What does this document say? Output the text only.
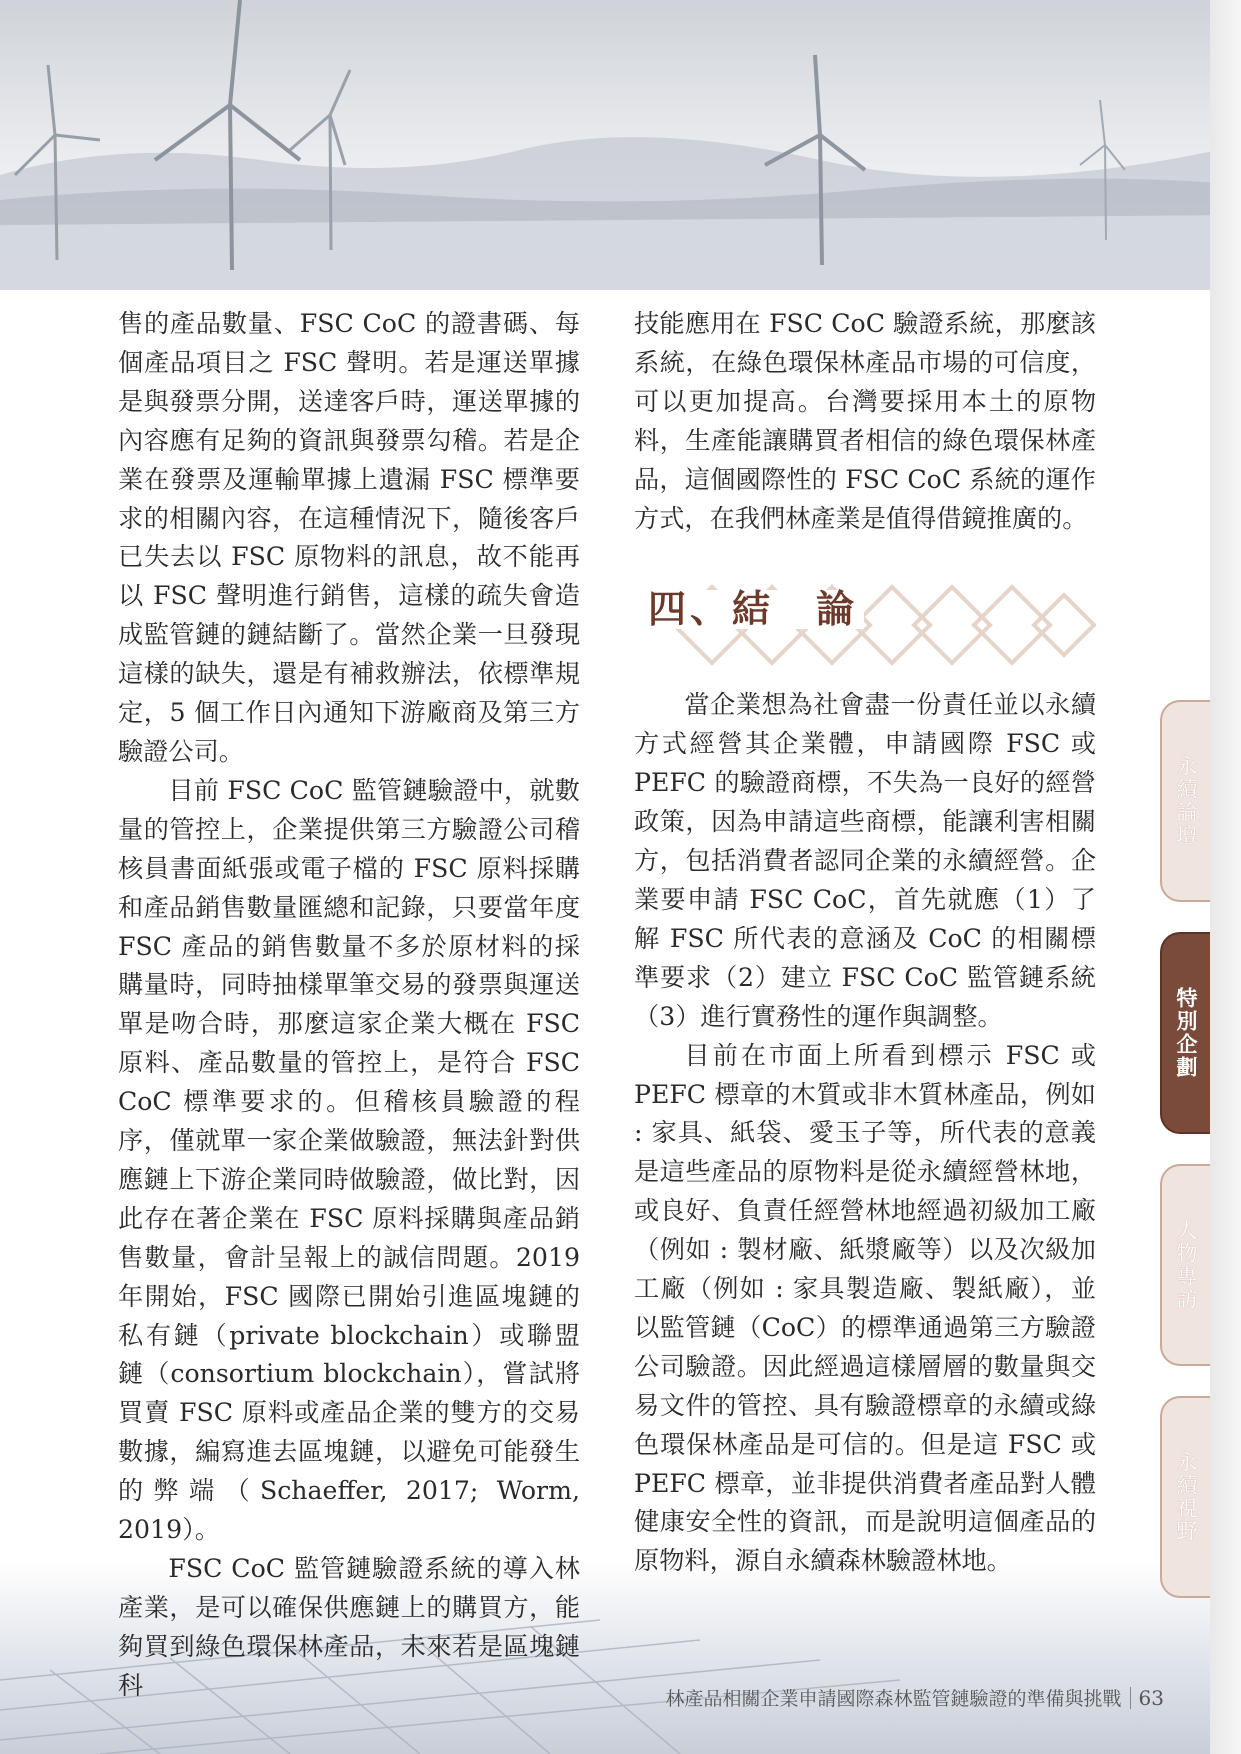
售的產品數量、FSC CoC 的證書碼、每個產品項目之 FSC 聲明。若是運送單據是與發票分開，送達客戶時，運送單據的內容應有足夠的資訊與發票勾稽。若是企業在發票及運輸單據上遺漏 FSC 標準要求的相關內容，在這種情況下，隨後客戶已失去以 FSC 原物料的訊息，故不能再以 FSC 聲明進行銷售，這樣的疏失會造成監管鏈的鏈結斷了。當然企業一旦發現這樣的缺失，還是有補救辦法，依標準規定，5 個工作日內通知下游廠商及第三方驗證公司。

目前 FSC CoC 監管鏈驗證中，就數量的管控上，企業提供第三方驗證公司稽核員書面紙張或電子檔的 FSC 原料採購和產品銷售數量匯總和記錄，只要當年度 FSC 產品的銷售數量不多於原材料的採購量時，同時抽樣單筆交易的發票與運送單是吻合時，那麼這家企業大概在 FSC 原料、產品數量的管控上，是符合 FSC CoC 標準要求的。但稽核員驗證的程序，僅就單一家企業做驗證，無法針對供應鏈上下游企業同時做驗證，做比對，因此存在著企業在 FSC 原料採購與產品銷售數量，會計呈報上的誠信問題。2019 年開始，FSC 國際已開始引進區塊鏈的私有鏈（private blockchain）或聯盟鏈（consortium blockchain），嘗試將買賣 FSC 原料或產品企業的雙方的交易數據，編寫進去區塊鏈，以避免可能發生的弊端（Schaeffer, 2017; Worm, 2019）。

FSC CoC 監管鏈驗證系統的導入林產業，是可以確保供應鏈上的購買方，能夠買到綠色環保林產品，未來若是區塊鏈科

技能應用在 FSC CoC 驗證系統，那麼該系統，在綠色環保林產品市場的可信度，可以更加提高。台灣要採用本土的原物料，生產能讓購買者相信的綠色環保林產品，這個國際性的 FSC CoC 系統的運作方式，在我們林產業是值得借鏡推廣的。

四、結　論

當企業想為社會盡一份責任並以永續方式經營其企業體，申請國際 FSC 或 PEFC 的驗證商標，不失為一良好的經營政策，因為申請這些商標，能讓利害相關方，包括消費者認同企業的永續經營。企業要申請 FSC CoC，首先就應（1）了解 FSC 所代表的意涵及 CoC 的相關標準要求（2）建立 FSC CoC 監管鏈系統（3）進行實務性的運作與調整。

目前在市面上所看到標示 FSC 或 PEFC 標章的木質或非木質林產品，例如 : 家具、紙袋、愛玉子等，所代表的意義是這些產品的原物料是從永續經營林地，或良好、負責任經營林地經過初級加工廠（例如 : 製材廠、紙漿廠等）以及次級加工廠（例如 : 家具製造廠、製紙廠），並以監管鏈（CoC）的標準通過第三方驗證公司驗證。因此經過這樣層層的數量與交易文件的管控、具有驗證標章的永續或綠色環保林產品是可信的。但是這 FSC 或 PEFC 標章，並非提供消費者產品對人體健康安全性的資訊，而是說明這個產品的原物料，源自永續森林驗證林地。

永續論壇
特別企劃
人物專訪
永續視野
林產品相關企業申請國際森林監管鏈驗證的準備與挑戰 63
